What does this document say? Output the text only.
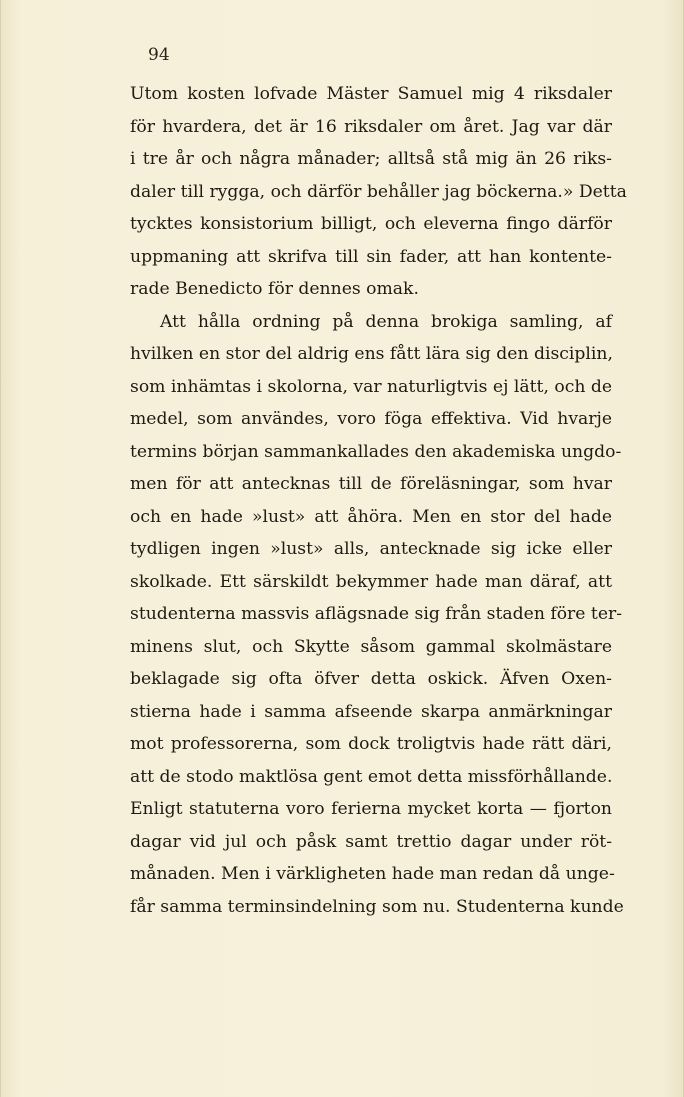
94
Utom kosten lofvade Mäster Samuel mig 4 riksdaler
för hvardera, det är 16 riksdaler om året. Jag var där
i tre år och några månader; alltså stå mig än 26 riks-
daler till rygga, och därför behåller jag böckerna.» Detta
tycktes konsistorium billigt, och eleverna fingo därför
uppmaning att skrifva till sin fader, att han kontente-
rade Benedicto för dennes omak.
Att hålla ordning på denna brokiga samling, af
hvilken en stor del aldrig ens fått lära sig den disciplin,
som inhämtas i skolorna, var naturligtvis ej lätt, och de
medel, som användes, voro föga effektiva. Vid hvarje
termins början sammankallades den akademiska ungdo-
men för att antecknas till de föreläsningar, som hvar
och en hade »lust» att åhöra. Men en stor del hade
tydligen ingen »lust» alls, antecknade sig icke eller
skolkade. Ett särskildt bekymmer hade man däraf, att
studenterna massvis aflägsnade sig från staden före ter-
minens slut, och Skytte såsom gammal skolmästare
beklagade sig ofta öfver detta oskick. Äfven Oxen-
stierna hade i samma afseende skarpa anmärkningar
mot professorerna, som dock troligtvis hade rätt däri,
att de stodo maktlösa gent emot detta missförhållande.
Enligt statuterna voro ferierna mycket korta — fjorton
dagar vid jul och påsk samt trettio dagar under röt-
månaden. Men i värkligheten hade man redan då unge-
får samma terminsindelning som nu. Studenterna kunde
